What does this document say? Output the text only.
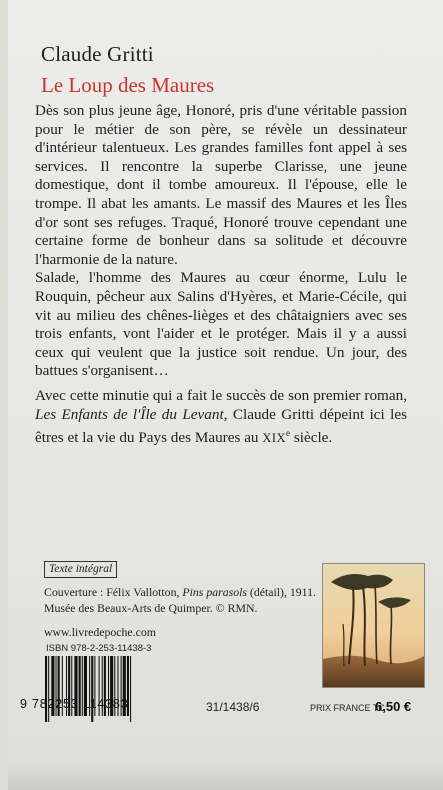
Claude Gritti
Le Loup des Maures

Dès son plus jeune âge, Honoré, pris d'une véritable passion pour le métier de son père, se révèle un dessinateur d'intérieur talentueux. Les grandes familles font appel à ses services. Il rencontre la superbe Clarisse, une jeune domestique, dont il tombe amoureux. Il l'épouse, elle le trompe. Il abat les amants. Le massif des Maures et les Îles d'or sont ses refuges. Traqué, Honoré trouve cependant une certaine forme de bonheur dans sa solitude et découvre l'harmonie de la nature.

Salade, l'homme des Maures au cœur énorme, Lulu le Rouquin, pêcheur aux Salins d'Hyères, et Marie-Cécile, qui vit au milieu des chênes-lièges et des châtaigniers avec ses trois enfants, vont l'aider et le protéger. Mais il y a aussi ceux qui veulent que la justice soit rendue. Un jour, des battues s'organisent…

Avec cette minutie qui a fait le succès de son premier roman, Les Enfants de l'Île du Levant, Claude Gritti dépeint ici les êtres et la vie du Pays des Maures au XIXe siècle.

Texte intégral
Couverture : Félix Vallotton, Pins parasols (détail), 1911.
Musée des Beaux-Arts de Quimper. © RMN.
www.livredepoche.com
ISBN 978-2-253-11438-3
9 782253 114383	31/1438/6	PRIX FRANCE TC
6,50 €
